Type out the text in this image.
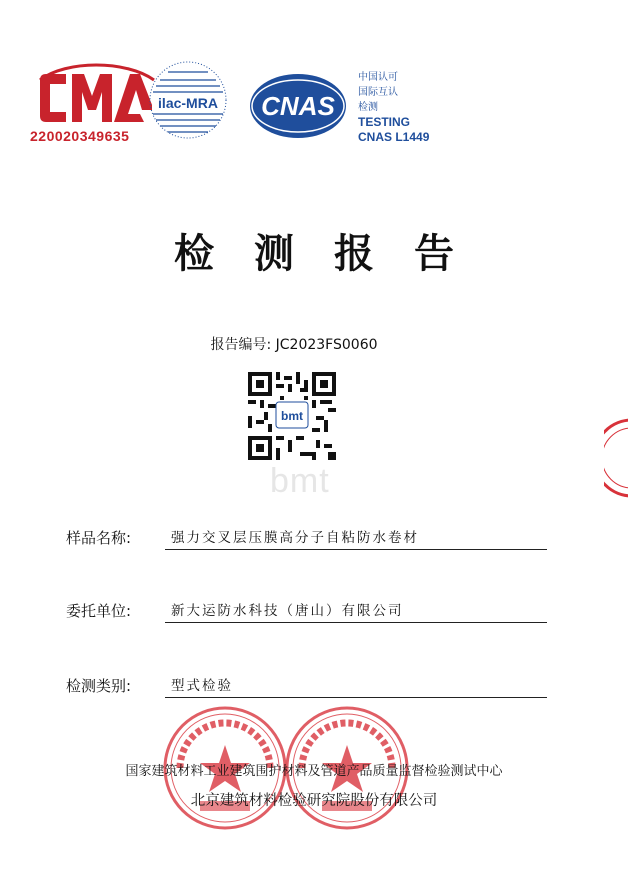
ilac-MRA CNAS
220020349635
中国认可
国际互认
检测
TESTING
CNAS L1449
检测报告
报告编号: JC2023FS0060
bmt
bmt
样品名称:	强力交叉层压膜高分子自粘防水卷材
委托单位:	新大运防水科技（唐山）有限公司
检测类别:	型式检验
国家建筑材料工业建筑围护材料及管道产品质量监督检验测试中心
北京建筑材料检验研究院股份有限公司
